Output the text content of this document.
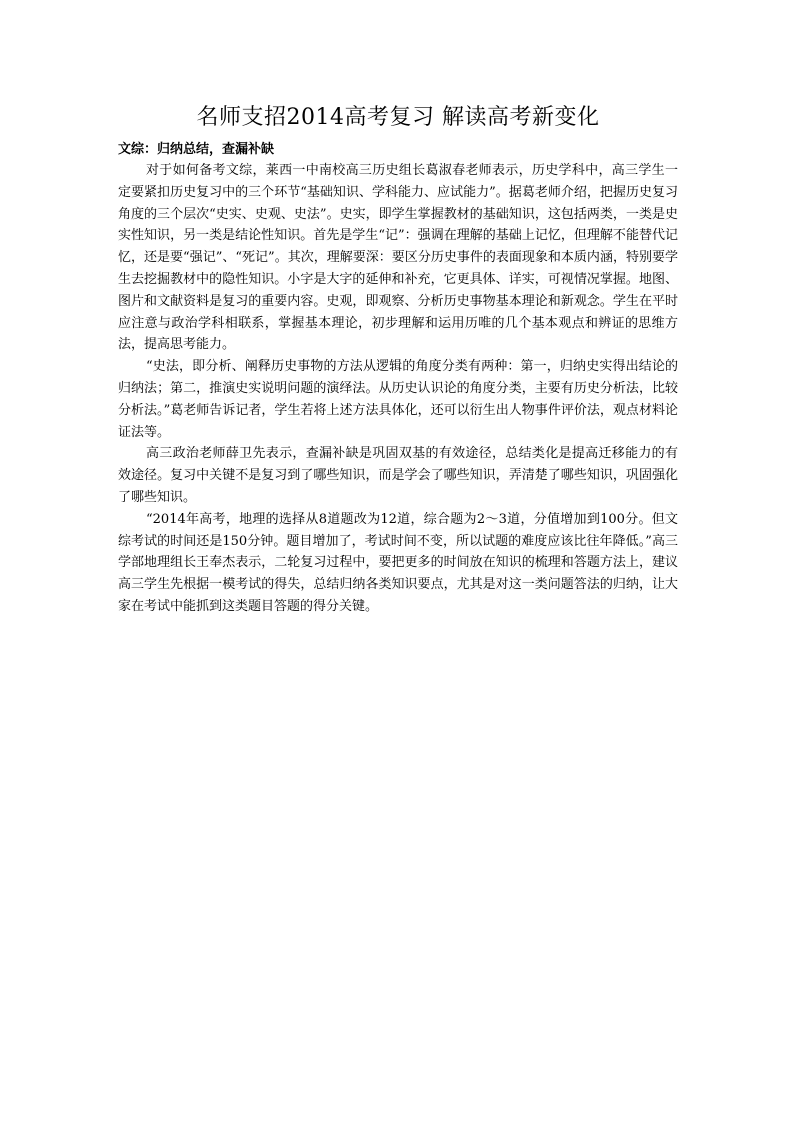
名师支招2014高考复习 解读高考新变化

文综：归纳总结，查漏补缺

对于如何备考文综，莱西一中南校高三历史组长葛淑春老师表示，历史学科中，高三学生一定要紧扣历史复习中的三个环节“基础知识、学科能力、应试能力”。据葛老师介绍，把握历史复习角度的三个层次“史实、史观、史法”。史实，即学生掌握教材的基础知识，这包括两类，一类是史实性知识，另一类是结论性知识。首先是学生“记”：强调在理解的基础上记忆，但理解不能替代记忆，还是要“强记”、“死记”。其次，理解要深：要区分历史事件的表面现象和本质内涵，特别要学生去挖掘教材中的隐性知识。小字是大字的延伸和补充，它更具体、详实，可视情况掌握。地图、图片和文献资料是复习的重要内容。史观，即观察、分析历史事物基本理论和新观念。学生在平时应注意与政治学科相联系，掌握基本理论，初步理解和运用历唯的几个基本观点和辨证的思维方法，提高思考能力。

“史法，即分析、阐释历史事物的方法从逻辑的角度分类有两种：第一，归纳史实得出结论的归纳法；第二，推演史实说明问题的演绎法。从历史认识论的角度分类，主要有历史分析法，比较分析法。”葛老师告诉记者，学生若将上述方法具体化，还可以衍生出人物事件评价法，观点材料论证法等。

高三政治老师薛卫先表示，查漏补缺是巩固双基的有效途径，总结类化是提高迁移能力的有效途径。复习中关键不是复习到了哪些知识，而是学会了哪些知识，弄清楚了哪些知识，巩固强化了哪些知识。

“2014年高考，地理的选择从8道题改为12道，综合题为2～3道，分值增加到100分。但文综考试的时间还是150分钟。题目增加了，考试时间不变，所以试题的难度应该比往年降低。”高三学部地理组长王奉杰表示，二轮复习过程中，要把更多的时间放在知识的梳理和答题方法上，建议高三学生先根据一模考试的得失，总结归纳各类知识要点，尤其是对这一类问题答法的归纳，让大家在考试中能抓到这类题目答题的得分关键。
